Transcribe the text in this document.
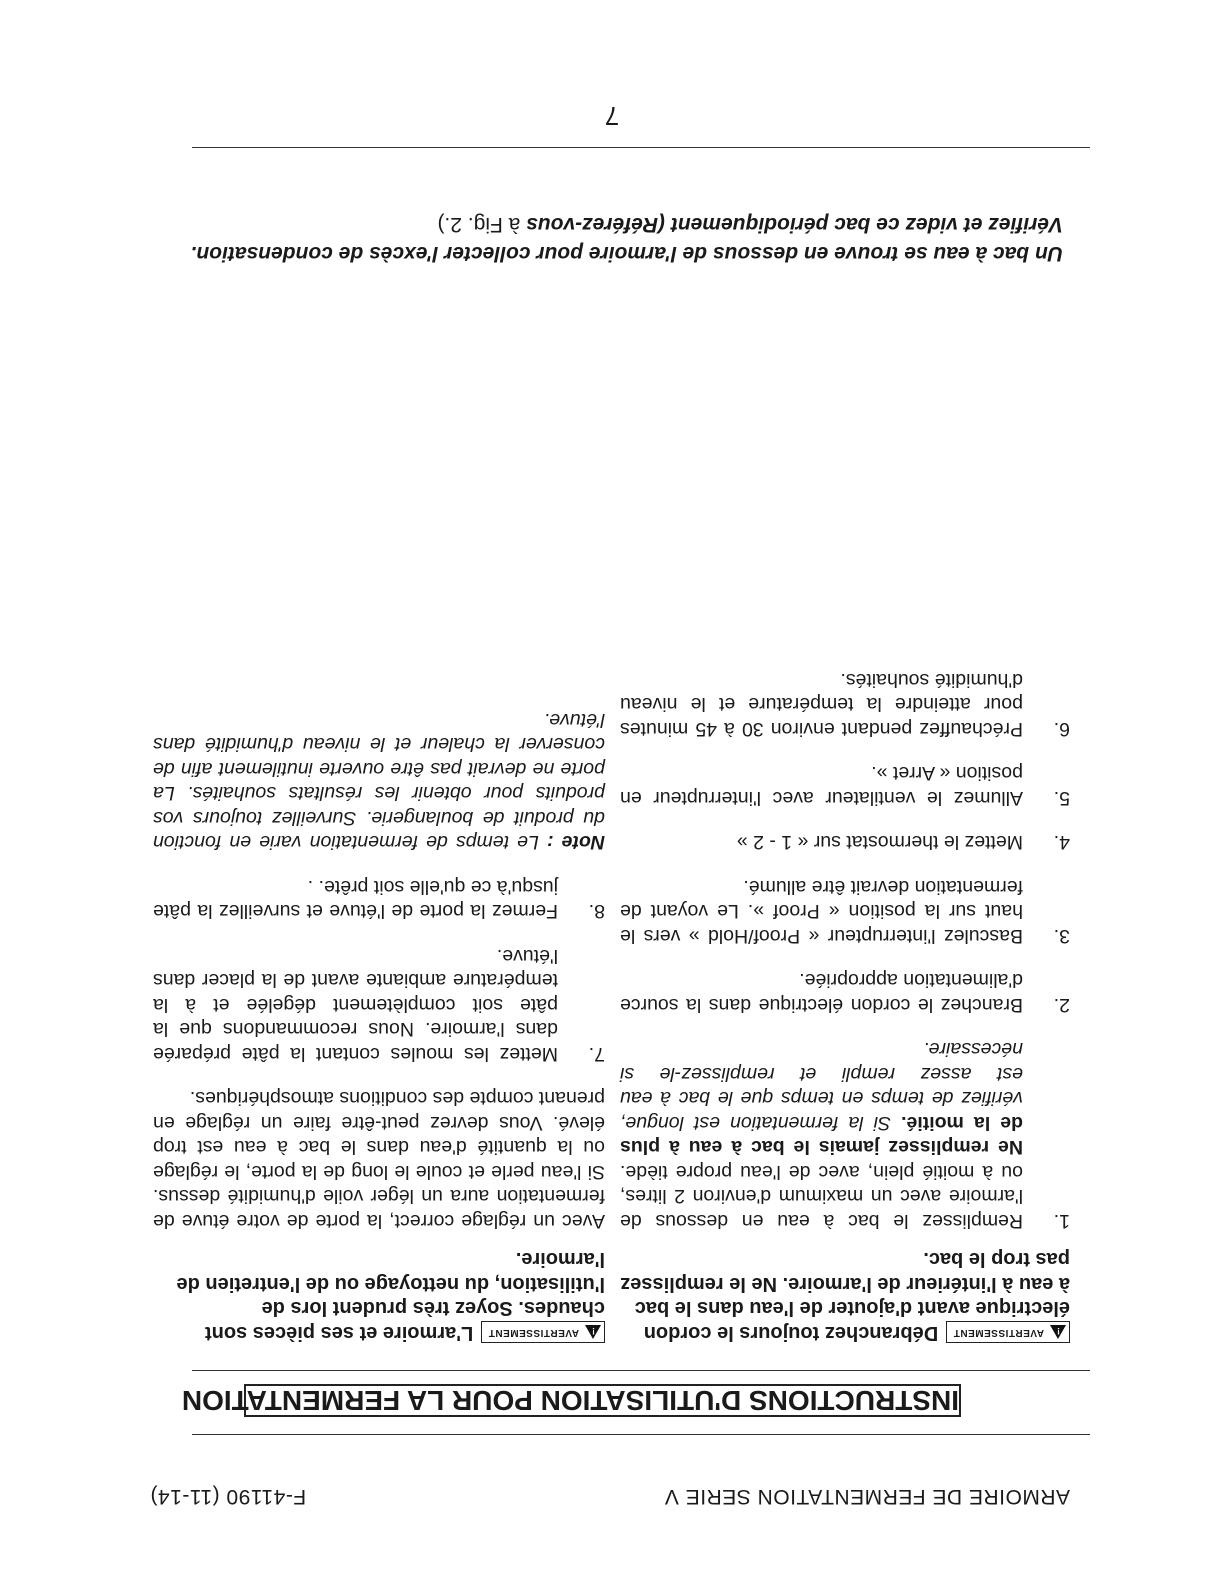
ARMOIRE DE FERMENTATION SERIE V
F-41190 (11-14)
INSTRUCTIONS D'UTILISATION POUR LA FERMENTATION
!
AVERTISSEMENT
Débranchez toujours le cordon électrique avant d'ajouter de l'eau dans le bac à eau à l'intérieur de l'armoire. Ne le remplissez pas trop le bac.
1.
Remplissez le bac à eau en dessous de l'armoire avec un maximum d'environ 2 litres, ou à moitié plein, avec de l'eau propre tiède. Ne remplissez jamais le bac à eau à plus de la moitié. Si la fermentation est longue, vérifiez de temps en temps que le bac à eau est assez rempli et remplissez-le si nécessaire.
2.
Branchez le cordon électrique dans la source d'alimentation appropriée.
3.
Basculez l'interrupteur « Proof/Hold » vers le haut sur la position « Proof ». Le voyant de fermentation devrait être allumé.
4.
Mettez le thermostat sur « 1 - 2 »
5.
Allumez le ventilateur avec l'interrupteur en position « Arret ».
6.
Préchauffez pendant environ 30 à 45 minutes pour atteindre la température et le niveau d'humidité souhaités.
!
AVERTISSEMENT
L'armoire et ses pièces sont chaudes. Soyez très prudent lors de l'utilisation, du nettoyage ou de l'entretien de l'armoire.

Avec un réglage correct, la porte de votre étuve de fermentation aura un léger voile d'humidité dessus. Si l'eau perle et coule le long de la porte, le réglage ou la quantité d'eau dans le bac à eau est trop élevé. Vous devrez peut-être faire un réglage en prenant compte des conditions atmosphériques.

7.
Mettez les moules contant la pâte préparée dans l'armoire. Nous recommandons que la pâte soit complètement dégelée et à la température ambiante avant de la placer dans l'étuve.
8.
Fermez la porte de l'étuve et surveillez la pâte jusqu'à ce qu'elle soit prête. .

Note : Le temps de fermentation varie en fonction du produit de boulangerie. Surveillez toujours vos produits pour obtenir les résultats souhaités. La porte ne devrait pas être ouverte inutilement afin de conserver la chaleur et le niveau d'humidité dans l'étuve.

Un bac à eau se trouve en dessous de l'armoire pour collecter l'excès de condensation. Vérifiez et videz ce bac périodiquement (Référez-vous à Fig. 2.)
7
